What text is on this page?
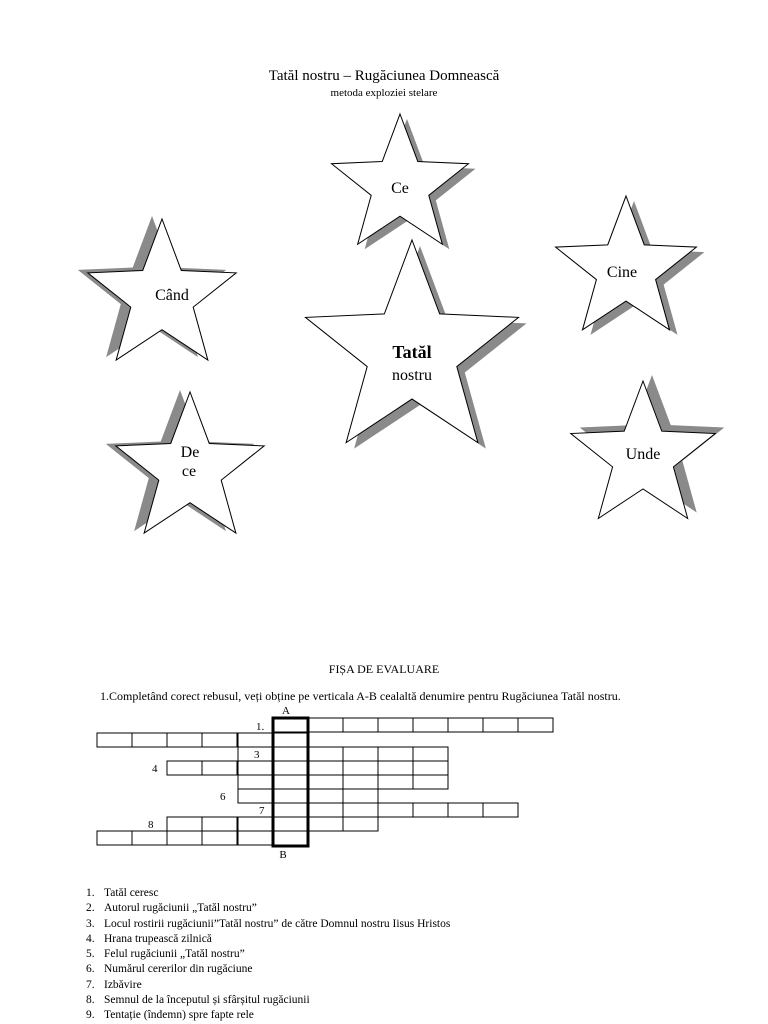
Tatăl nostru – Rugăciunea Domnească
metoda exploziei stelare
Tatăl
nostru
Ce
Cine
Când
De
ce
Unde
FIȘA DE EVALUARE
1.Completând corect rebusul, veți obține pe verticala A-B cealaltă denumire pentru Rugăciunea Tatăl nostru.
A
B
1.
3
4
6
7
8
1. Tatăl ceresc
2. Autorul rugăciunii „Tatăl nostru”
3. Locul rostirii rugăciunii”Tatăl nostru” de către Domnul nostru Iisus Hristos
4. Hrana trupească zilnică
5. Felul rugăciunii „Tatăl nostru”
6. Numărul cererilor din rugăciune
7. Izbăvire
8. Semnul de la începutul și sfârșitul rugăciunii
9. Tentație (îndemn) spre fapte rele
